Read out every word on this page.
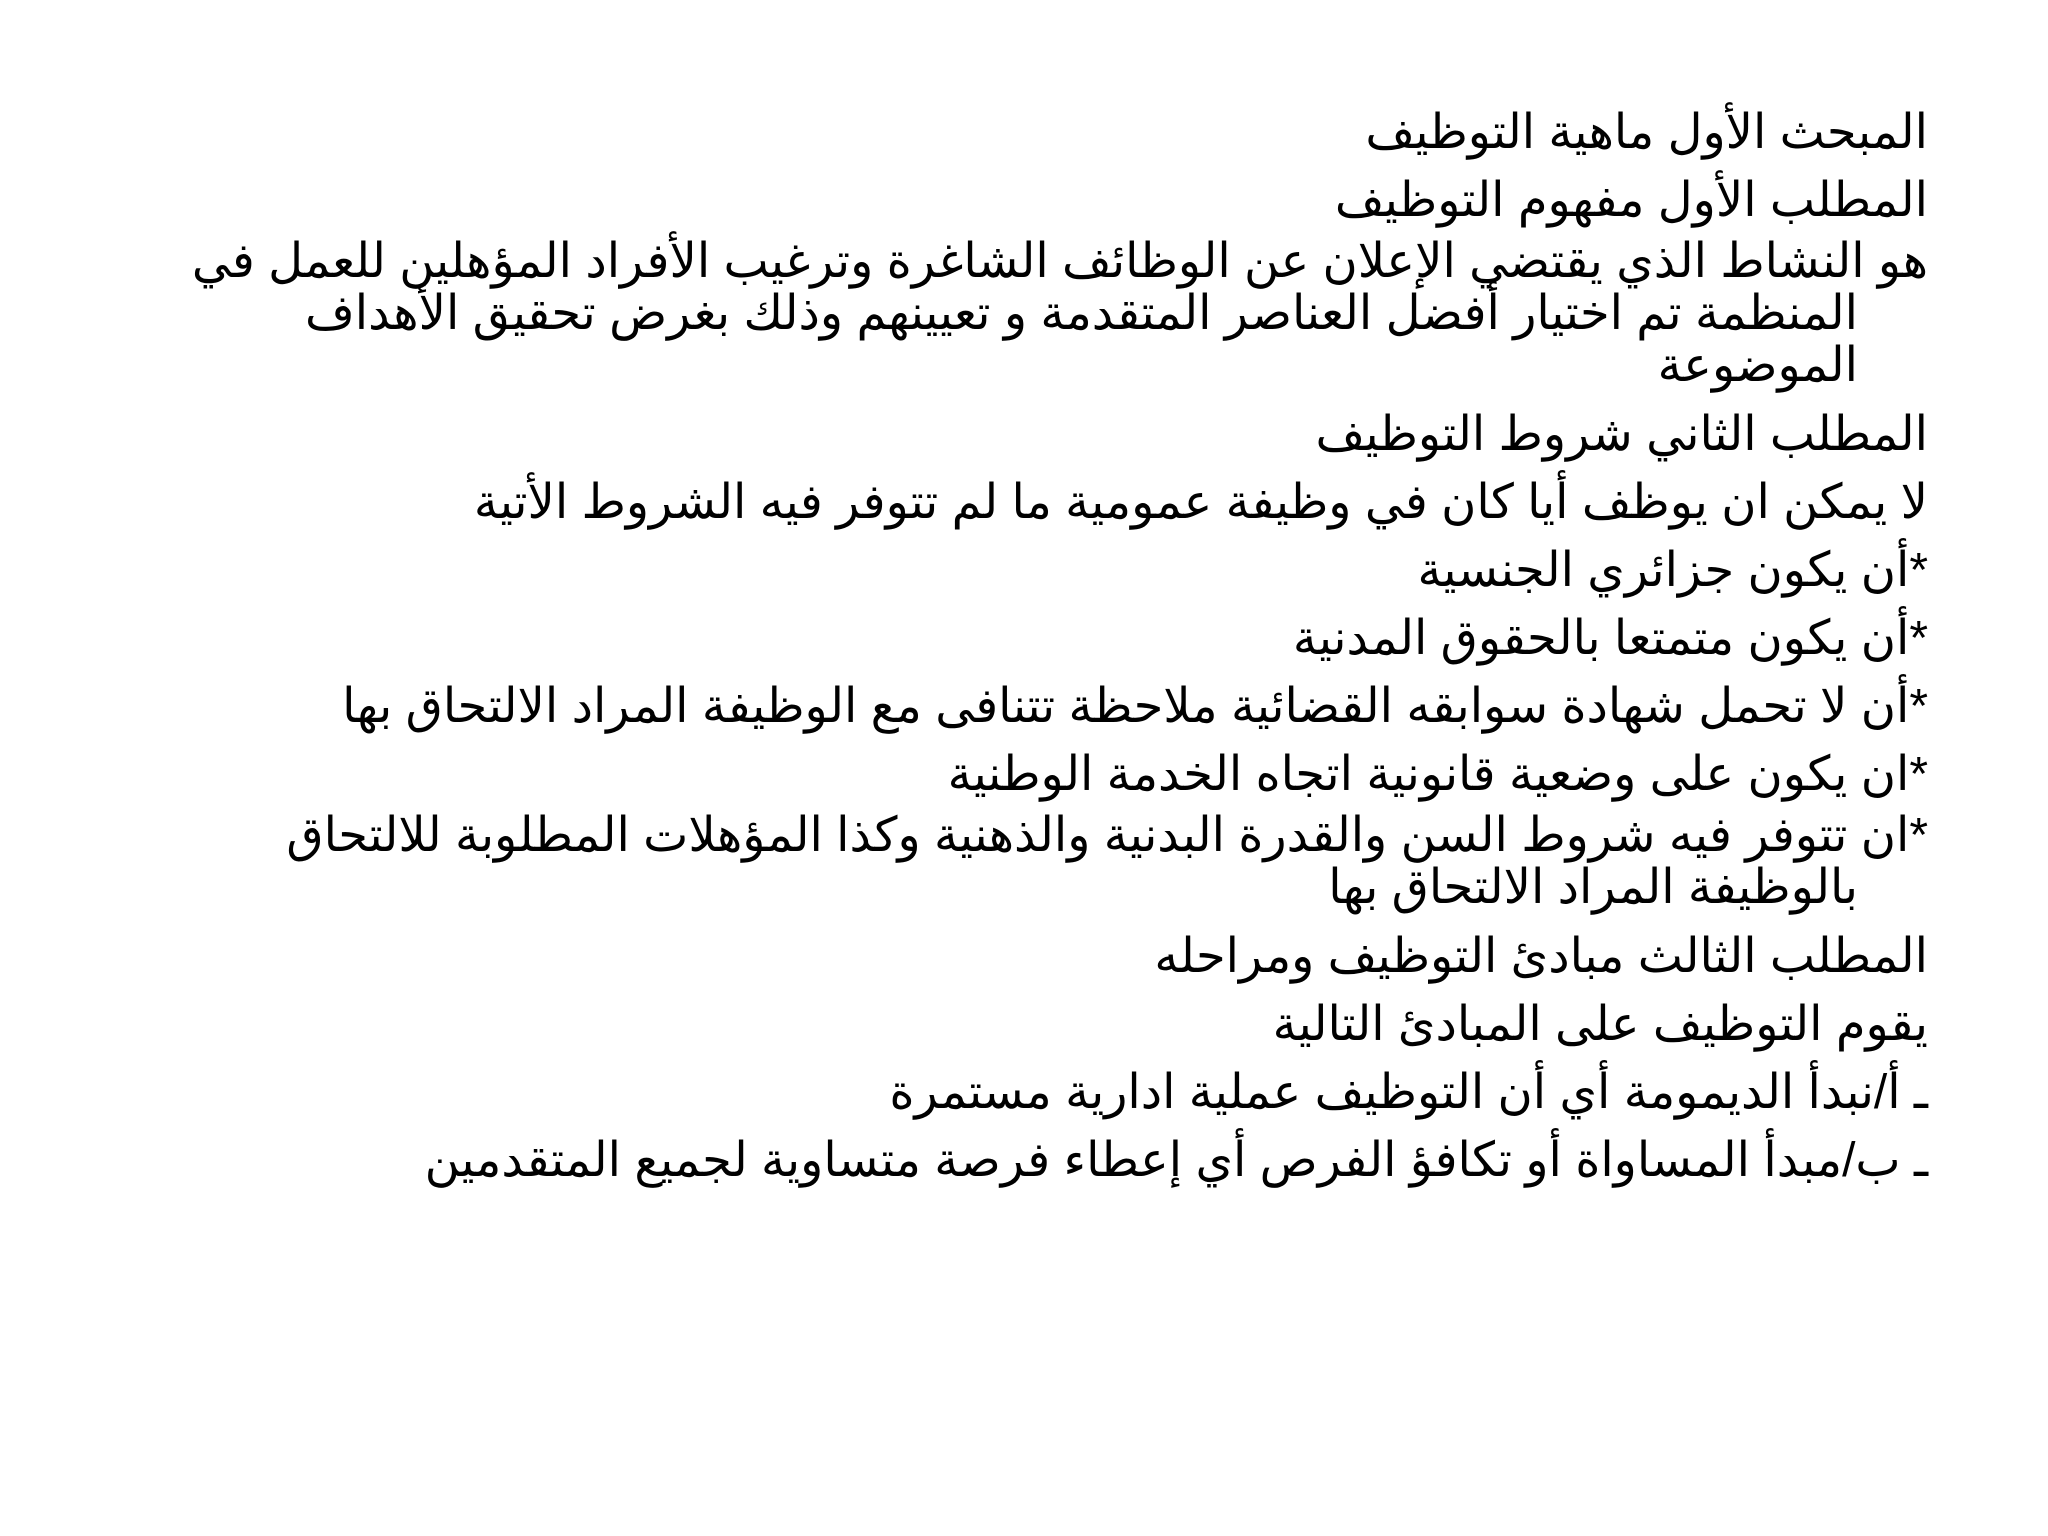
المبحث الأول ماهية التوظيف
المطلب الأول مفهوم التوظيف
هو النشاط الذي يقتضي الإعلان عن الوظائف الشاغرة وترغيب الأفراد المؤهلين للعمل في
المنظمة تم اختيار أفضل العناصر المتقدمة و تعيينهم وذلك بغرض تحقيق الأهداف
الموضوعة
المطلب الثاني شروط التوظيف
لا يمكن ان يوظف أيا كان في وظيفة عمومية ما لم تتوفر فيه الشروط الأتية
*أن يكون جزائري الجنسية
*أن يكون متمتعا بالحقوق المدنية
*أن لا تحمل شهادة سوابقه القضائية ملاحظة تتنافى مع الوظيفة المراد الالتحاق بها
*ان يكون على وضعية قانونية اتجاه الخدمة الوطنية
*ان تتوفر فيه شروط السن والقدرة البدنية والذهنية وكذا المؤهلات المطلوبة للالتحاق
بالوظيفة المراد الالتحاق بها
المطلب الثالث مبادئ التوظيف ومراحله
يقوم التوظيف على المبادئ التالية
ـ أ/نبدأ الديمومة أي أن التوظيف عملية ادارية مستمرة
ـ ب/مبدأ المساواة أو تكافؤ الفرص أي إعطاء فرصة متساوية لجميع المتقدمين
